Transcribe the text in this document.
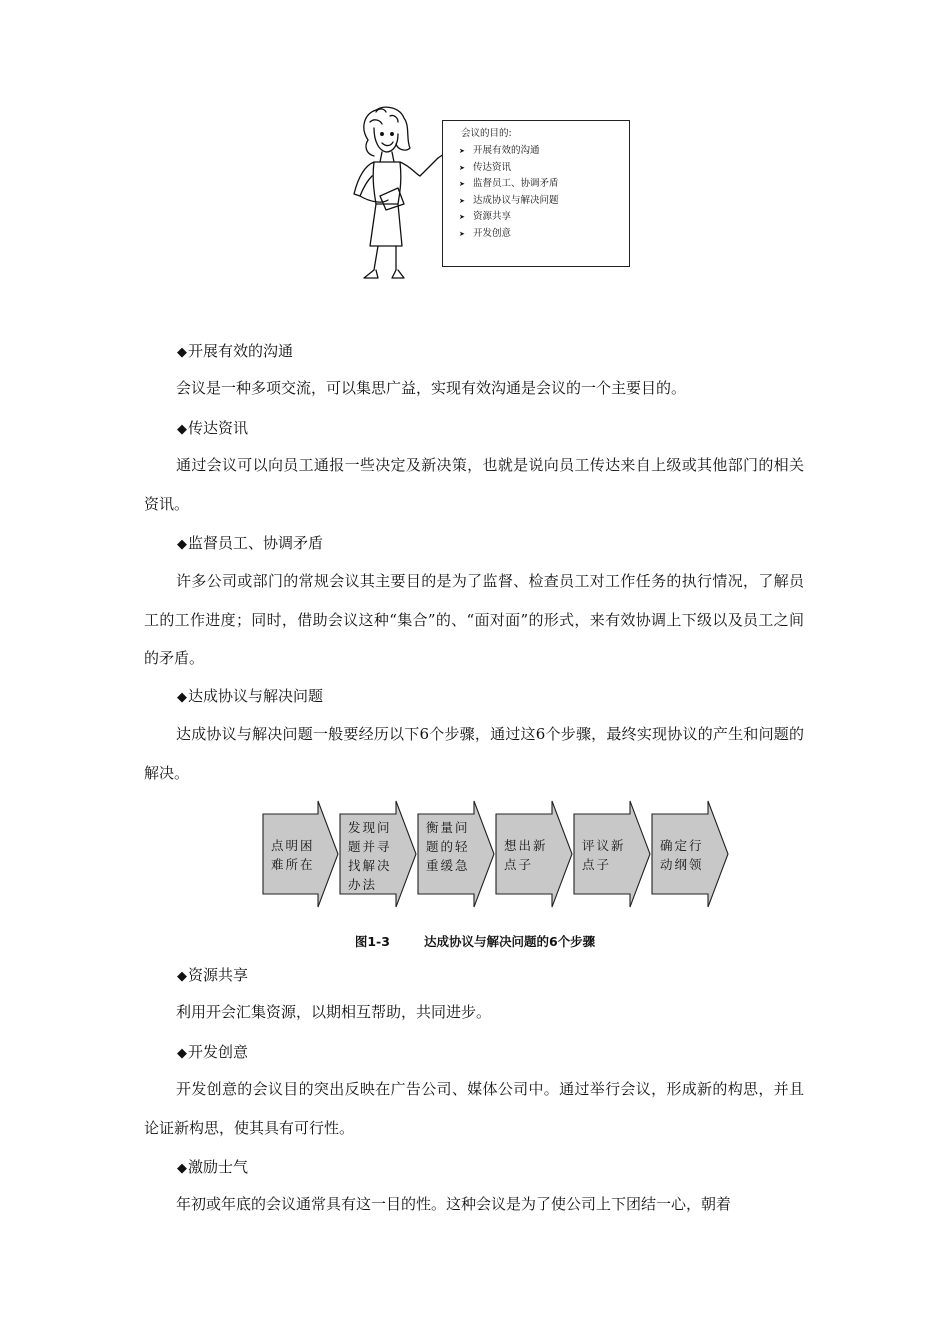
会议的目的:
➤ 开展有效的沟通
➤ 传达资讯
➤ 监督员工、协调矛盾
➤ 达成协议与解决问题
➤ 资源共享
➤ 开发创意
◆开展有效的沟通

会议是一种多项交流，可以集思广益，实现有效沟通是会议的一个主要目的。

◆传达资讯

通过会议可以向员工通报一些决定及新决策，也就是说向员工传达来自上级或其他部门的相关资讯。

◆监督员工、协调矛盾

许多公司或部门的常规会议其主要目的是为了监督、检查员工对工作任务的执行情况，了解员工的工作进度；同时，借助会议这种“集合”的、“面对面”的形式，来有效协调上下级以及员工之间的矛盾。

◆达成协议与解决问题

达成协议与解决问题一般要经历以下6个步骤，通过这6个步骤，最终实现协议的产生和问题的解决。

点明困难所在
发现问题并寻找解决办法
衡量问题的轻重缓急
想出新点子
评议新点子
确定行动纲领
图1-3	达成协议与解决问题的6个步骤
◆资源共享

利用开会汇集资源，以期相互帮助，共同进步。

◆开发创意

开发创意的会议目的突出反映在广告公司、媒体公司中。通过举行会议，形成新的构思，并且论证新构思，使其具有可行性。

◆激励士气

年初或年底的会议通常具有这一目的性。这种会议是为了使公司上下团结一心，朝着
